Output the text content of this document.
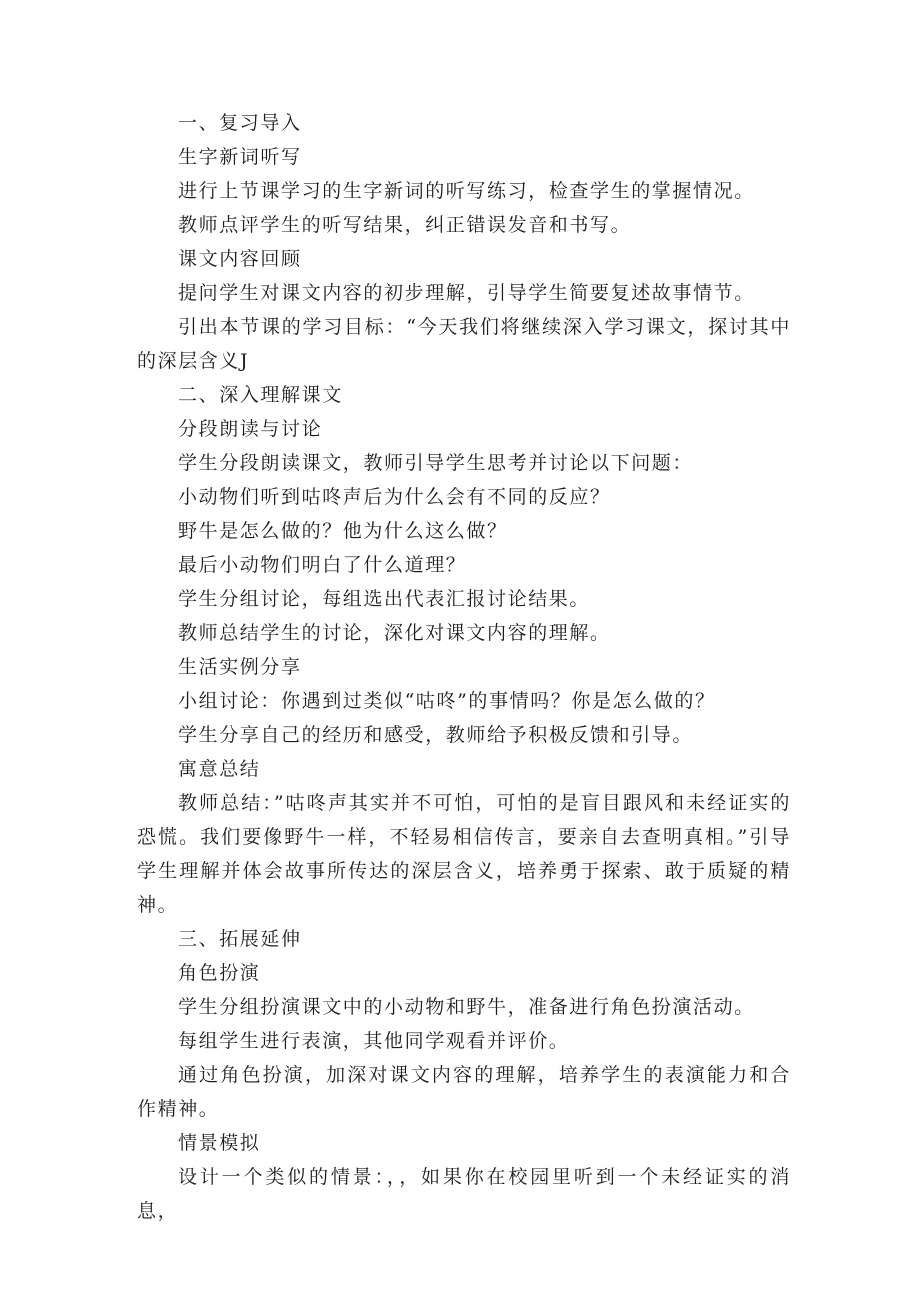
一、复习导入

生字新词听写

进行上节课学习的生字新词的听写练习，检查学生的掌握情况。

教师点评学生的听写结果，纠正错误发音和书写。

课文内容回顾

提问学生对课文内容的初步理解，引导学生简要复述故事情节。

引出本节课的学习目标：“今天我们将继续深入学习课文，探讨其中的深层含义J

二、深入理解课文

分段朗读与讨论

学生分段朗读课文，教师引导学生思考并讨论以下问题：

小动物们听到咕咚声后为什么会有不同的反应？

野牛是怎么做的？他为什么这么做？

最后小动物们明白了什么道理？

学生分组讨论，每组选出代表汇报讨论结果。

教师总结学生的讨论，深化对课文内容的理解。

生活实例分享

小组讨论：你遇到过类似“咕咚”的事情吗？你是怎么做的？

学生分享自己的经历和感受，教师给予积极反馈和引导。

寓意总结

教师总结：”咕咚声其实并不可怕，可怕的是盲目跟风和未经证实的恐慌。我们要像野牛一样，不轻易相信传言，要亲自去查明真相。”引导学生理解并体会故事所传达的深层含义，培养勇于探索、敢于质疑的精神。

三、拓展延伸

角色扮演

学生分组扮演课文中的小动物和野牛，准备进行角色扮演活动。

每组学生进行表演，其他同学观看并评价。

通过角色扮演，加深对课文内容的理解，培养学生的表演能力和合作精神。

情景模拟

设计一个类似的情景：，，如果你在校园里听到一个未经证实的消息，
